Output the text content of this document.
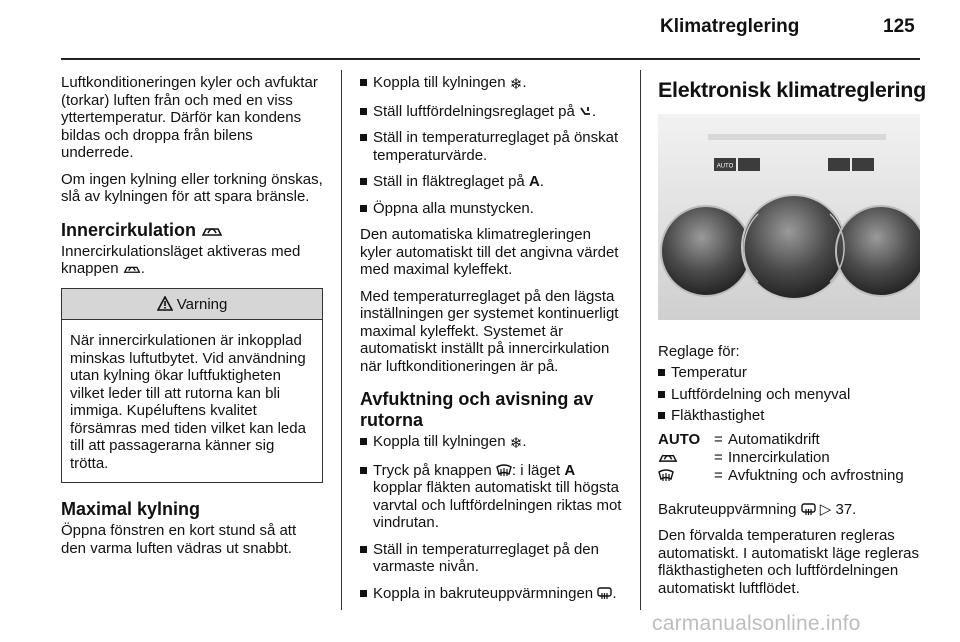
Klimatreglering	125

Luftkonditioneringen kyler och avfuktar (torkar) luften från och med en viss yttertemperatur. Därför kan kondens bildas och droppa från bilens underrede.

Om ingen kylning eller torkning önskas, slå av kylningen för att spara bränsle.

Innercirkulation

Innercirkulationsläget aktiveras med knappen .

Varning
När innercirkulationen är inkopplad minskas luftutbytet. Vid användning utan kylning ökar luftfuktigheten vilket leder till att rutorna kan bli immiga. Kupéluftens kvalitet försämras med tiden vilket kan leda till att passagerarna känner sig trötta.
Maximal kylning

Öppna fönstren en kort stund så att den varma luften vädras ut snabbt.

Koppla till kylningen ❄.
Ställ luftfördelningsreglaget på .
Ställ in temperaturreglaget på önskat temperaturvärde.
Ställ in fläktreglaget på A.
Öppna alla munstycken.

Den automatiska klimatregleringen kyler automatiskt till det angivna värdet med maximal kyleffekt.

Med temperaturreglaget på den lägsta inställningen ger systemet kontinuerligt maximal kyleffekt. Systemet är automatiskt inställt på innercirkulation när luftkonditioneringen är på.

Avfuktning och avisning av rutorna
Koppla till kylningen ❄.
Tryck på knappen : i läget A kopplar fläkten automatiskt till högsta varvtal och luftfördelningen riktas mot vindrutan.
Ställ in temperaturreglaget på den varmaste nivån.
Koppla in bakruteuppvärmningen .
Elektronisk klimatreglering
AUTO

Reglage för:

Temperatur
Luftfördelning och menyval
Fläkthastighet
AUTO = Automatikdrift
= Innercirkulation
= Avfuktning och avfrostning

Bakruteuppvärmning ▷ 37.

Den förvalda temperaturen regleras automatiskt. I automatiskt läge regleras fläkthastigheten och luftfördelningen automatiskt luftflödet.

carmanualsonline.info
